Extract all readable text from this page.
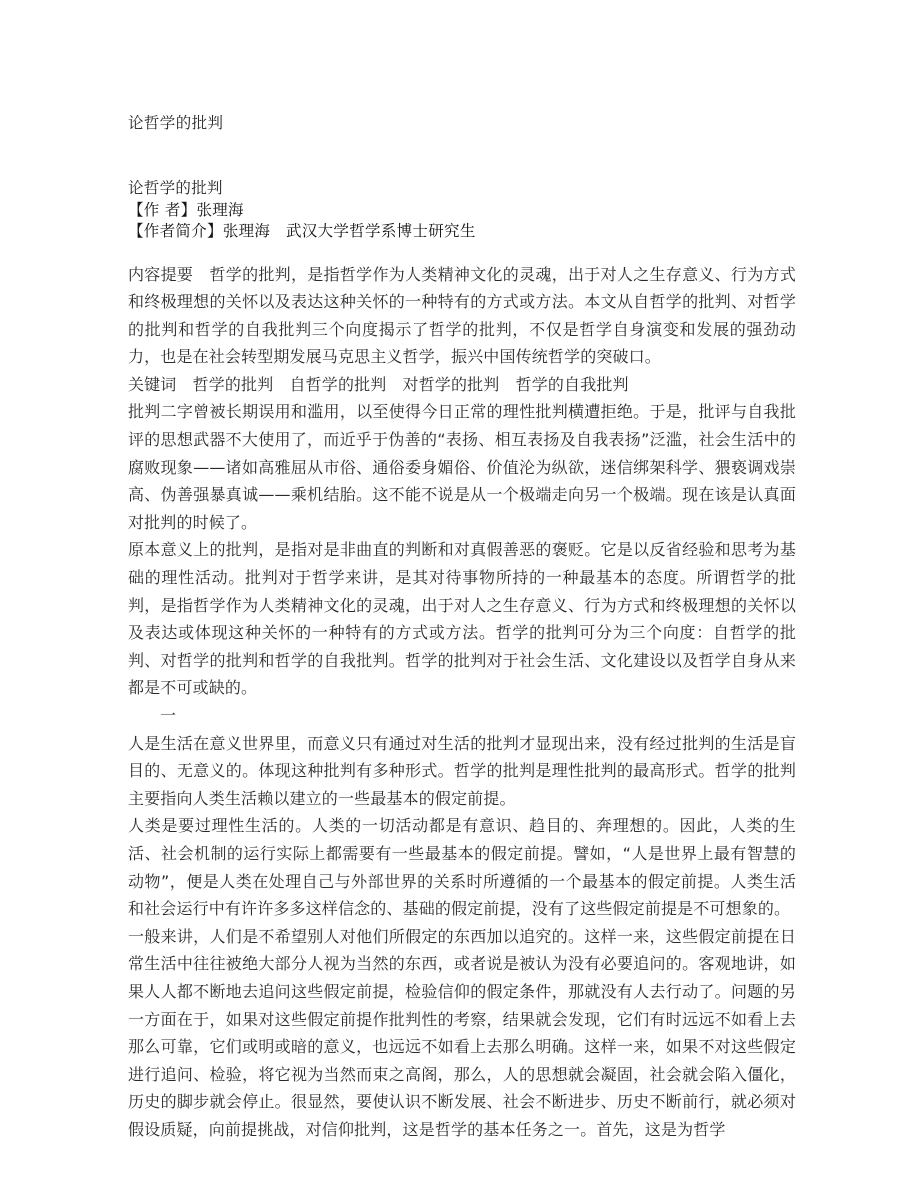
论哲学的批判
论哲学的批判
【作 者】张理海
【作者简介】张理海　武汉大学哲学系博士研究生

内容提要　哲学的批判，是指哲学作为人类精神文化的灵魂，出于对人之生存意义、行为方式和终极理想的关怀以及表达这种关怀的一种特有的方式或方法。本文从自哲学的批判、对哲学的批判和哲学的自我批判三个向度揭示了哲学的批判，不仅是哲学自身演变和发展的强劲动力，也是在社会转型期发展马克思主义哲学，振兴中国传统哲学的突破口。

关键词　哲学的批判　自哲学的批判　对哲学的批判　哲学的自我批判

批判二字曾被长期误用和滥用，以至使得今日正常的理性批判横遭拒绝。于是，批评与自我批评的思想武器不大使用了，而近乎于伪善的“表扬、相互表扬及自我表扬”泛滥，社会生活中的腐败现象——诸如高雅屈从市俗、通俗委身媚俗、价值沦为纵欲，迷信绑架科学、猥亵调戏崇高、伪善强暴真诚——乘机结胎。这不能不说是从一个极端走向另一个极端。现在该是认真面对批判的时候了。

原本意义上的批判，是指对是非曲直的判断和对真假善恶的褒贬。它是以反省经验和思考为基础的理性活动。批判对于哲学来讲，是其对待事物所持的一种最基本的态度。所谓哲学的批判，是指哲学作为人类精神文化的灵魂，出于对人之生存意义、行为方式和终极理想的关怀以及表达或体现这种关怀的一种特有的方式或方法。哲学的批判可分为三个向度：自哲学的批判、对哲学的批判和哲学的自我批判。哲学的批判对于社会生活、文化建设以及哲学自身从来都是不可或缺的。

　　一

人是生活在意义世界里，而意义只有通过对生活的批判才显现出来，没有经过批判的生活是盲目的、无意义的。体现这种批判有多种形式。哲学的批判是理性批判的最高形式。哲学的批判主要指向人类生活赖以建立的一些最基本的假定前提。

人类是要过理性生活的。人类的一切活动都是有意识、趋目的、奔理想的。因此，人类的生活、社会机制的运行实际上都需要有一些最基本的假定前提。譬如，“人是世界上最有智慧的动物”，便是人类在处理自己与外部世界的关系时所遵循的一个最基本的假定前提。人类生活和社会运行中有许许多多这样信念的、基础的假定前提，没有了这些假定前提是不可想象的。

一般来讲，人们是不希望别人对他们所假定的东西加以追究的。这样一来，这些假定前提在日常生活中往往被绝大部分人视为当然的东西，或者说是被认为没有必要追问的。客观地讲，如果人人都不断地去追问这些假定前提，检验信仰的假定条件，那就没有人去行动了。问题的另一方面在于，如果对这些假定前提作批判性的考察，结果就会发现，它们有时远远不如看上去那么可靠，它们或明或暗的意义，也远远不如看上去那么明确。这样一来，如果不对这些假定进行追问、检验，将它视为当然而束之高阁，那么，人的思想就会凝固，社会就会陷入僵化，历史的脚步就会停止。很显然，要使认识不断发展、社会不断进步、历史不断前行，就必须对假设质疑，向前提挑战，对信仰批判，这是哲学的基本任务之一。首先，这是为哲学
